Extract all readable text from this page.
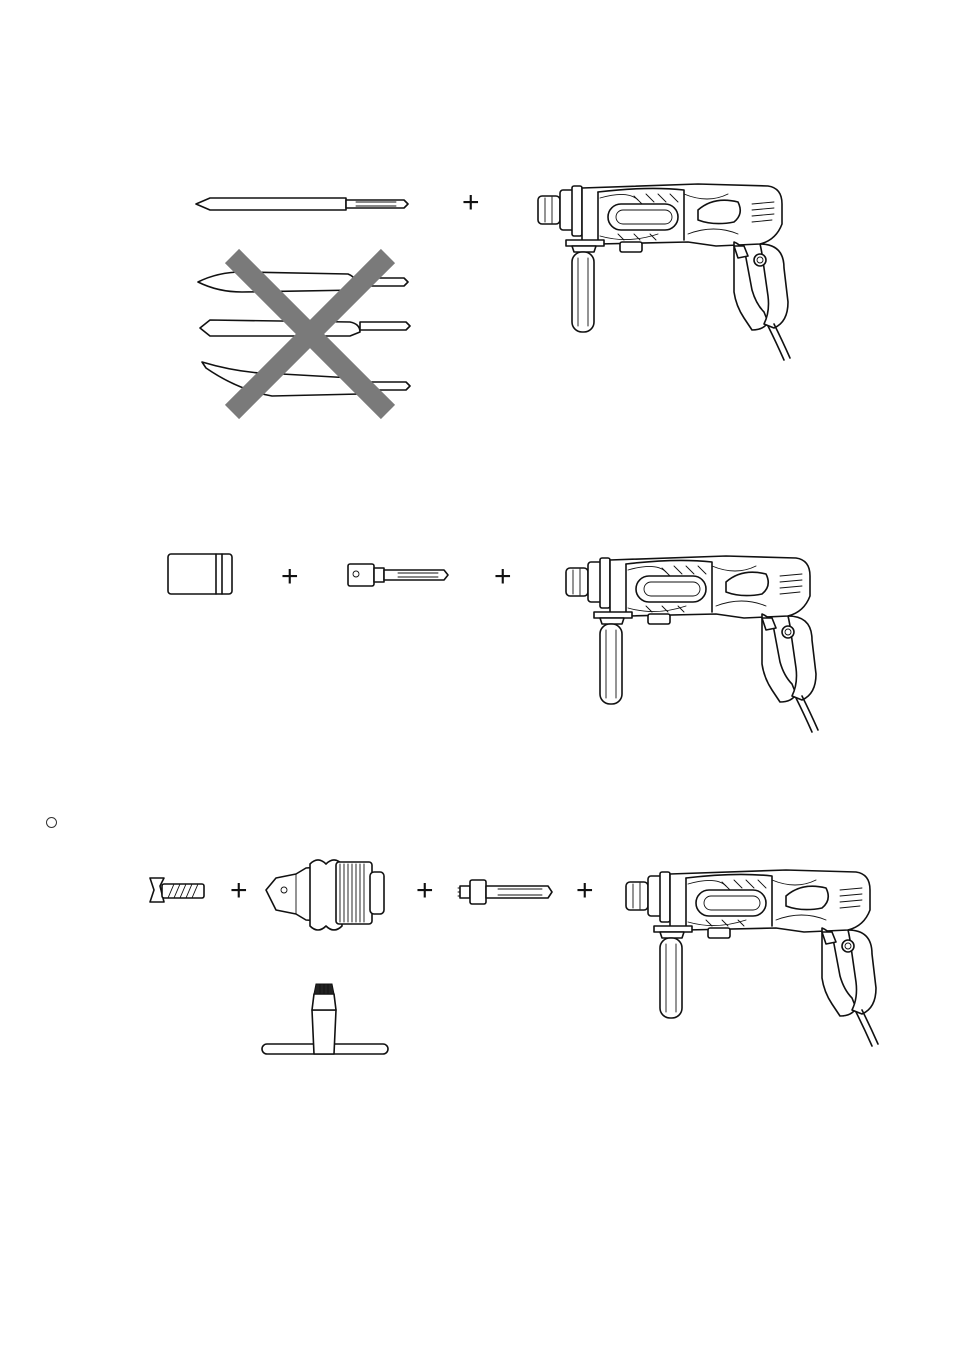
+
+	+
+	+	+
